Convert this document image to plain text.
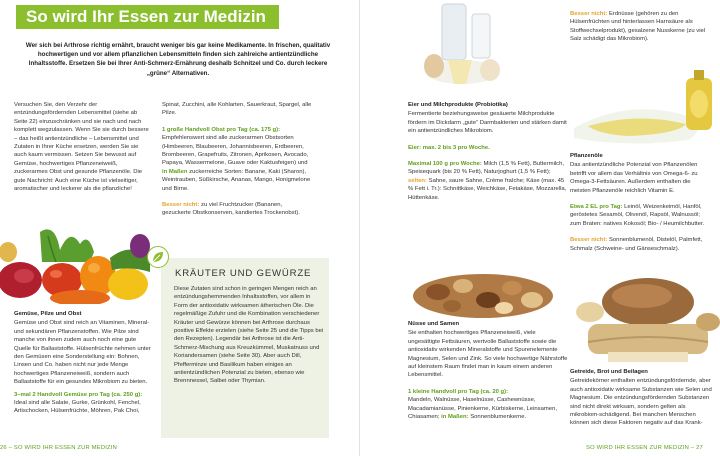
So wird Ihr Essen zur Medizin

Wer sich bei Arthrose richtig ernährt, braucht weniger bis gar keine Medikamente. In frischen, qualitativ hochwertigen und vor allem pflanzlichen Lebensmitteln finden sich zahlreiche antientzündliche Inhaltsstoffe. Ersetzen Sie bei Ihrer Anti-Schmerz-Ernährung deshalb Schnitzel und Co. durch leckere „grüne“ Alternativen.

Versuchen Sie, den Verzehr der entzündungsfördernden Lebensmittel (siehe ab Seite 22) einzuschränken und sie nach und nach komplett wegzulassen. Wenn Sie sie durch bessere – das heißt antientzündliche – Lebensmittel und Zutaten in Ihrer Küche ersetzen, werden Sie sie auch kaum vermissen. Setzen Sie bewusst auf Gemüse, hochwertiges Pflanzeneiweiß, zuckerarmes Obst und gesunde Pflanzenöle. Die gute Nachricht: Auch eine Küche ist vielseitiger, aromatischer und leckerer als die pflanzliche!

Gemüse, Pilze und Obst

Gemüse und Obst sind reich an Vitaminen, Mineral- und sekundären Pflanzenstoffen. Wie Pilze sind manche von ihnen zudem auch noch eine gute Quelle für Ballaststoffe. Hülsenfrüchte nehmen unter den Gemüsen eine Sonderstellung ein: Bohnen, Linsen und Co. haben nicht nur jede Menge hochwertiges Pflanzeneiweiß, sondern auch Ballaststoffe für ein gesundes Mikrobiom zu bieten.

3–mal 2 Handvoll Gemüse pro Tag (ca. 250 g):
Ideal sind alle Salate, Gurke, Grünkohl, Fenchel, Artischocken, Hülsenfrüchte, Möhren, Pak Choi,

Spinat, Zucchini, alle Kohlarten, Sauerkraut, Spargel, alle Pilze.

1 große Handvoll Obst pro Tag (ca. 175 g):

Empfehlenswert sind alle zuckerarmen Obstsorten (Himbeeren, Blaubeeren, Johannisbeeren, Erdbeeren, Brombeeren, Grapefruits, Zitronen, Aprikosen, Avocado, Papaya, Wassermelone, Guave oder Kaktusfeigen) und in Maßen zuckerreiche Sorten: Banane, Kaki (Sharon), Weintrauben, Süßkirsche, Ananas, Mango, Honigmelone und Birne.

Besser nicht: zu viel Fruchtzucker (Bananen, gezuckerte Obstkonserven, kandiertes Trockenobst).

KRÄUTER UND GEWÜRZE
Diese Zutaten sind schon in geringen Mengen reich an entzündungshemmenden Inhaltsstoffen, vor allem in Form der antioxidativ wirksamen ätherischen Öle. Die regelmäßige Zufuhr und die Kombination verschiedener Kräuter und Gewürze können bei Arthrose durchaus positive Effekte erzielen (siehe Seite 25 und die Tipps bei den Rezepten). Legendär bei Arthrose ist die Anti-Schmerz-Mischung aus Kreuzkümmel, Muskatnuss und Koriandersamen (siehe Seite 30). Aber auch Dill, Pfefferminze und Basilikum haben einiges an antientzündlichen Potenzial zu bieten, ebenso wie Brennnessel, Salbei oder Thymian.
26 – SO WIRD IHR ESSEN ZUR MEDIZIN

Besser nicht: Erdnüsse (gehören zu den Hülsenfrüchten und hinterlassen Harnsäure als Stoffwechselprodukt), gesalzene Nusskerne (zu viel Salz schädigt das Mikrobiom).

Eier und Milchprodukte (Probiotika)

Fermentierte beziehungsweise gesäuerte Milchprodukte fördern im Dickdarm „gute“ Darmbakterien und stärken damit ein antientzündliches Mikrobiom.

Eier: max. 2 bis 3 pro Woche.

Maximal 100 g pro Woche: Milch (1,5 % Fett), Buttermilch, Speisequark (bis 20 % Fett), Naturjoghurt (1,5 % Fett); selten: Sahne, saure Sahne, Crème fraîche; Käse (max. 45 % Fett i. Tr.): Schnittkäse, Weichkäse, Fetakäse, Mozzarella, Hüttenkäse.

Pflanzenöle

Das antientzündliche Potenzial von Pflanzenölen betrifft vor allem das Verhältnis von Omega-6- zu Omega-3-Fettsäuren. Außerdem enthalten die meisten Pflanzenöle reichlich Vitamin E.

Etwa 2 EL pro Tag: Leinöl, Weizenkeimöl, Hanföl, geröstetes Sesamöl, Olivenöl, Rapsöl, Walnussöl; zum Braten: natives Kokosöl; Bio- / Heumilchbutter.

Besser nicht: Sonnenblumenöl, Distelöl, Palmfett, Schmalz (Schweine- und Gänseschmalz).

Nüsse und Samen

Sie enthalten hochwertiges Pflanzeneiweiß, viele ungesättigte Fettsäuren, wertvolle Ballaststoffe sowie die antioxidativ wirkenden Mineralstoffe und Spurenelemente Magnesium, Selen und Zink. So viele hochwertige Nährstoffe auf kleinstem Raum findet man in kaum einem anderen Lebensmittel.

1 kleine Handvoll pro Tag (ca. 20 g):
Mandeln, Walnüsse, Haselnüsse, Cashewnüsse, Macadamianüsse, Pinienkerne, Kürbiskerne, Leinsamen, Chiasamen; in Maßen: Sonnenblumenkerne.
Getreide, Brot und Beilagen

Getreidekörner enthalten entzündungsfördernde, aber auch antioxidativ wirksame Substanzen wie Selen und Magnesium. Die entzündungsfördernden Substanzen sind nicht direkt wirksam, sondern gelten als mikrobiom-schädigend. Bei manchen Menschen können sich diese Faktoren negativ auf das Krank-

SO WIRD IHR ESSEN ZUR MEDIZIN – 27
